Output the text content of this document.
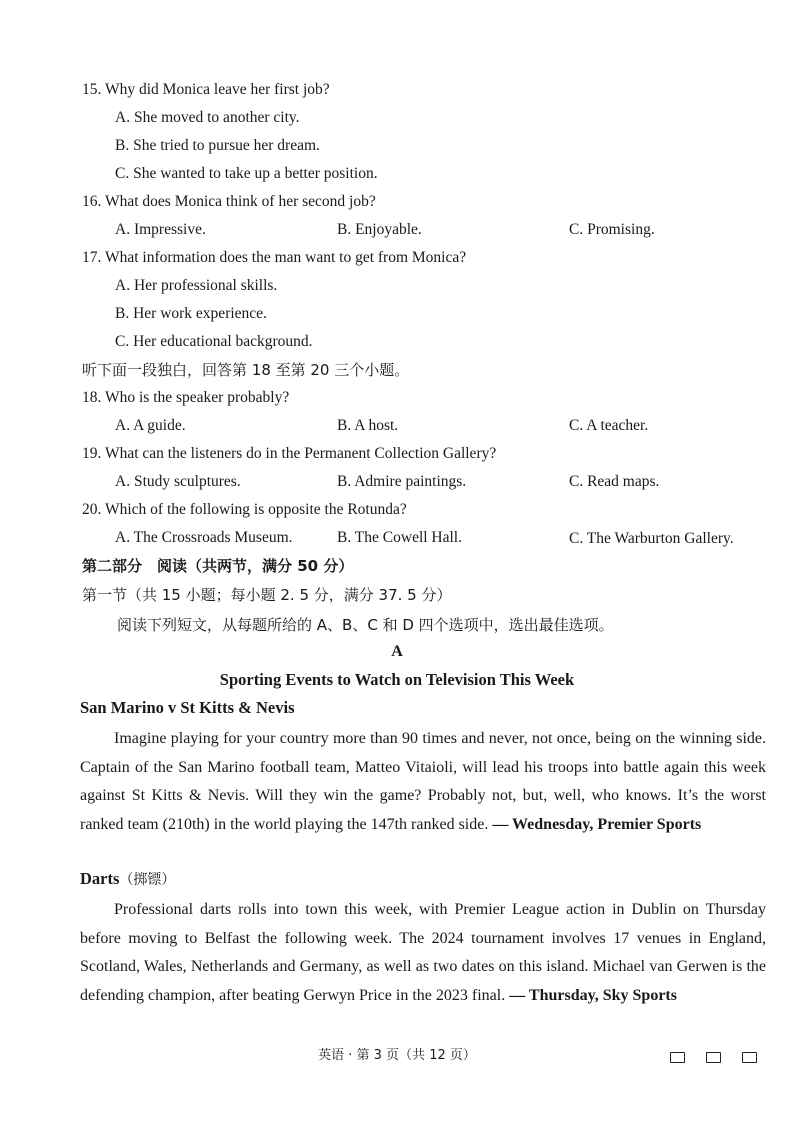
15. Why did Monica leave her first job?
A. She moved to another city.
B. She tried to pursue her dream.
C. She wanted to take up a better position.
16. What does Monica think of her second job?
A. Impressive.	B. Enjoyable.	C. Promising.
17. What information does the man want to get from Monica?
A. Her professional skills.
B. Her work experience.
C. Her educational background.
听下面一段独白，回答第 18 至第 20 三个小题。
18. Who is the speaker probably?
A. A guide.	B. A host.	C. A teacher.
19. What can the listeners do in the Permanent Collection Gallery?
A. Study sculptures.	B. Admire paintings.	C. Read maps.
20. Which of the following is opposite the Rotunda?
A. The Crossroads Museum.	B. The Cowell Hall.	C. The Warburton Gallery.
第二部分　阅读（共两节，满分 50 分）
第一节（共 15 小题；每小题 2. 5 分，满分 37. 5 分）
阅读下列短文，从每题所给的 A、B、C 和 D 四个选项中，选出最佳选项。
A
Sporting Events to Watch on Television This Week
San Marino v St Kitts & Nevis
Imagine playing for your country more than 90 times and never, not once, being on the winning side. Captain of the San Marino football team, Matteo Vitaioli, will lead his troops into battle again this week against St Kitts & Nevis. Will they win the game? Probably not, but, well, who knows. It’s the worst ranked team (210th) in the world playing the 147th ranked side. — Wednesday, Premier Sports
Darts（掷镖）
Professional darts rolls into town this week, with Premier League action in Dublin on Thursday before moving to Belfast the following week. The 2024 tournament involves 17 venues in England, Scotland, Wales, Netherlands and Germany, as well as two dates on this island. Michael van Gerwen is the defending champion, after beating Gerwyn Price in the 2023 final. — Thursday, Sky Sports
英语 · 第 3 页（共 12 页）
